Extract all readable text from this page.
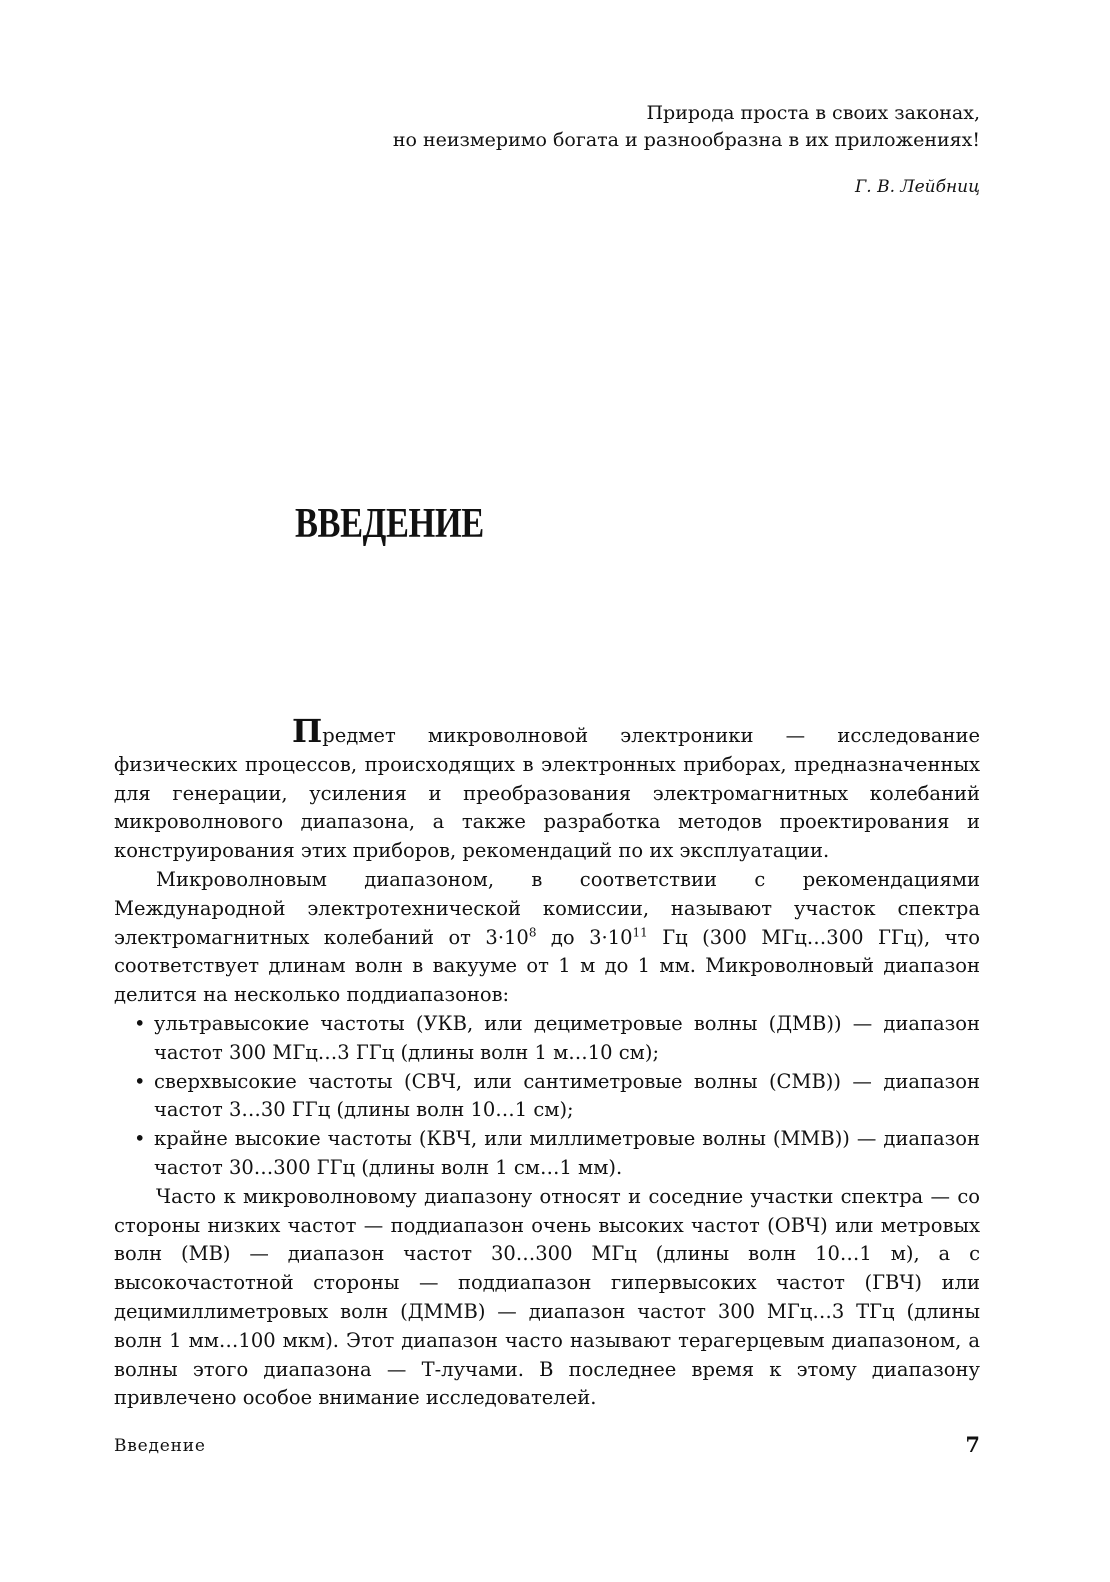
Природа проста в своих законах,
но неизмеримо богата и разнообразна в их приложениях!
Г. В. Лейбниц
ВВЕДЕНИЕ

Предмет микроволновой электроники — исследование физических процессов, происходящих в электронных приборах, предназначенных для генерации, усиления и преобразования электромагнитных колебаний микроволнового диапазона, а также разработка методов проектирования и конструирования этих приборов, рекомендаций по их эксплуатации.

Микроволновым диапазоном, в соответствии с рекомендациями Международной электротехнической комиссии, называют участок спектра электромагнитных колебаний от $3\cdot 10^8$ до $3\cdot 10^{11}$ Гц (300 МГц…300 ГГц), что соответствует длинам волн в вакууме от 1 м до 1 мм. Микроволновый диапазон делится на несколько поддиапазонов:

• ультравысокие частоты (УКВ, или дециметровые волны (ДМВ)) — диапазон частот 300 МГц…3 ГГц (длины волн 1 м…10 см);
• сверхвысокие частоты (СВЧ, или сантиметровые волны (СМВ)) — диапазон частот 3…30 ГГц (длины волн 10…1 см);
• крайне высокие частоты (КВЧ, или миллиметровые волны (ММВ)) — диапазон частот 30…300 ГГц (длины волн 1 см…1 мм).

Часто к микроволновому диапазону относят и соседние участки спектра — со стороны низких частот — поддиапазон очень высоких частот (ОВЧ) или метровых волн (МВ) — диапазон частот 30…300 МГц (длины волн 10…1 м), а с высокочастотной стороны — поддиапазон гипервысоких частот (ГВЧ) или децимиллиметровых волн (ДММВ) — диапазон частот 300 МГц…3 ТГц (длины волн 1 мм…100 мкм). Этот диапазон часто называют терагерцевым диапазоном, а волны этого диапазона — Т-лучами. В последнее время к этому диапазону привлечено особое внимание исследователей.

Введение	7
